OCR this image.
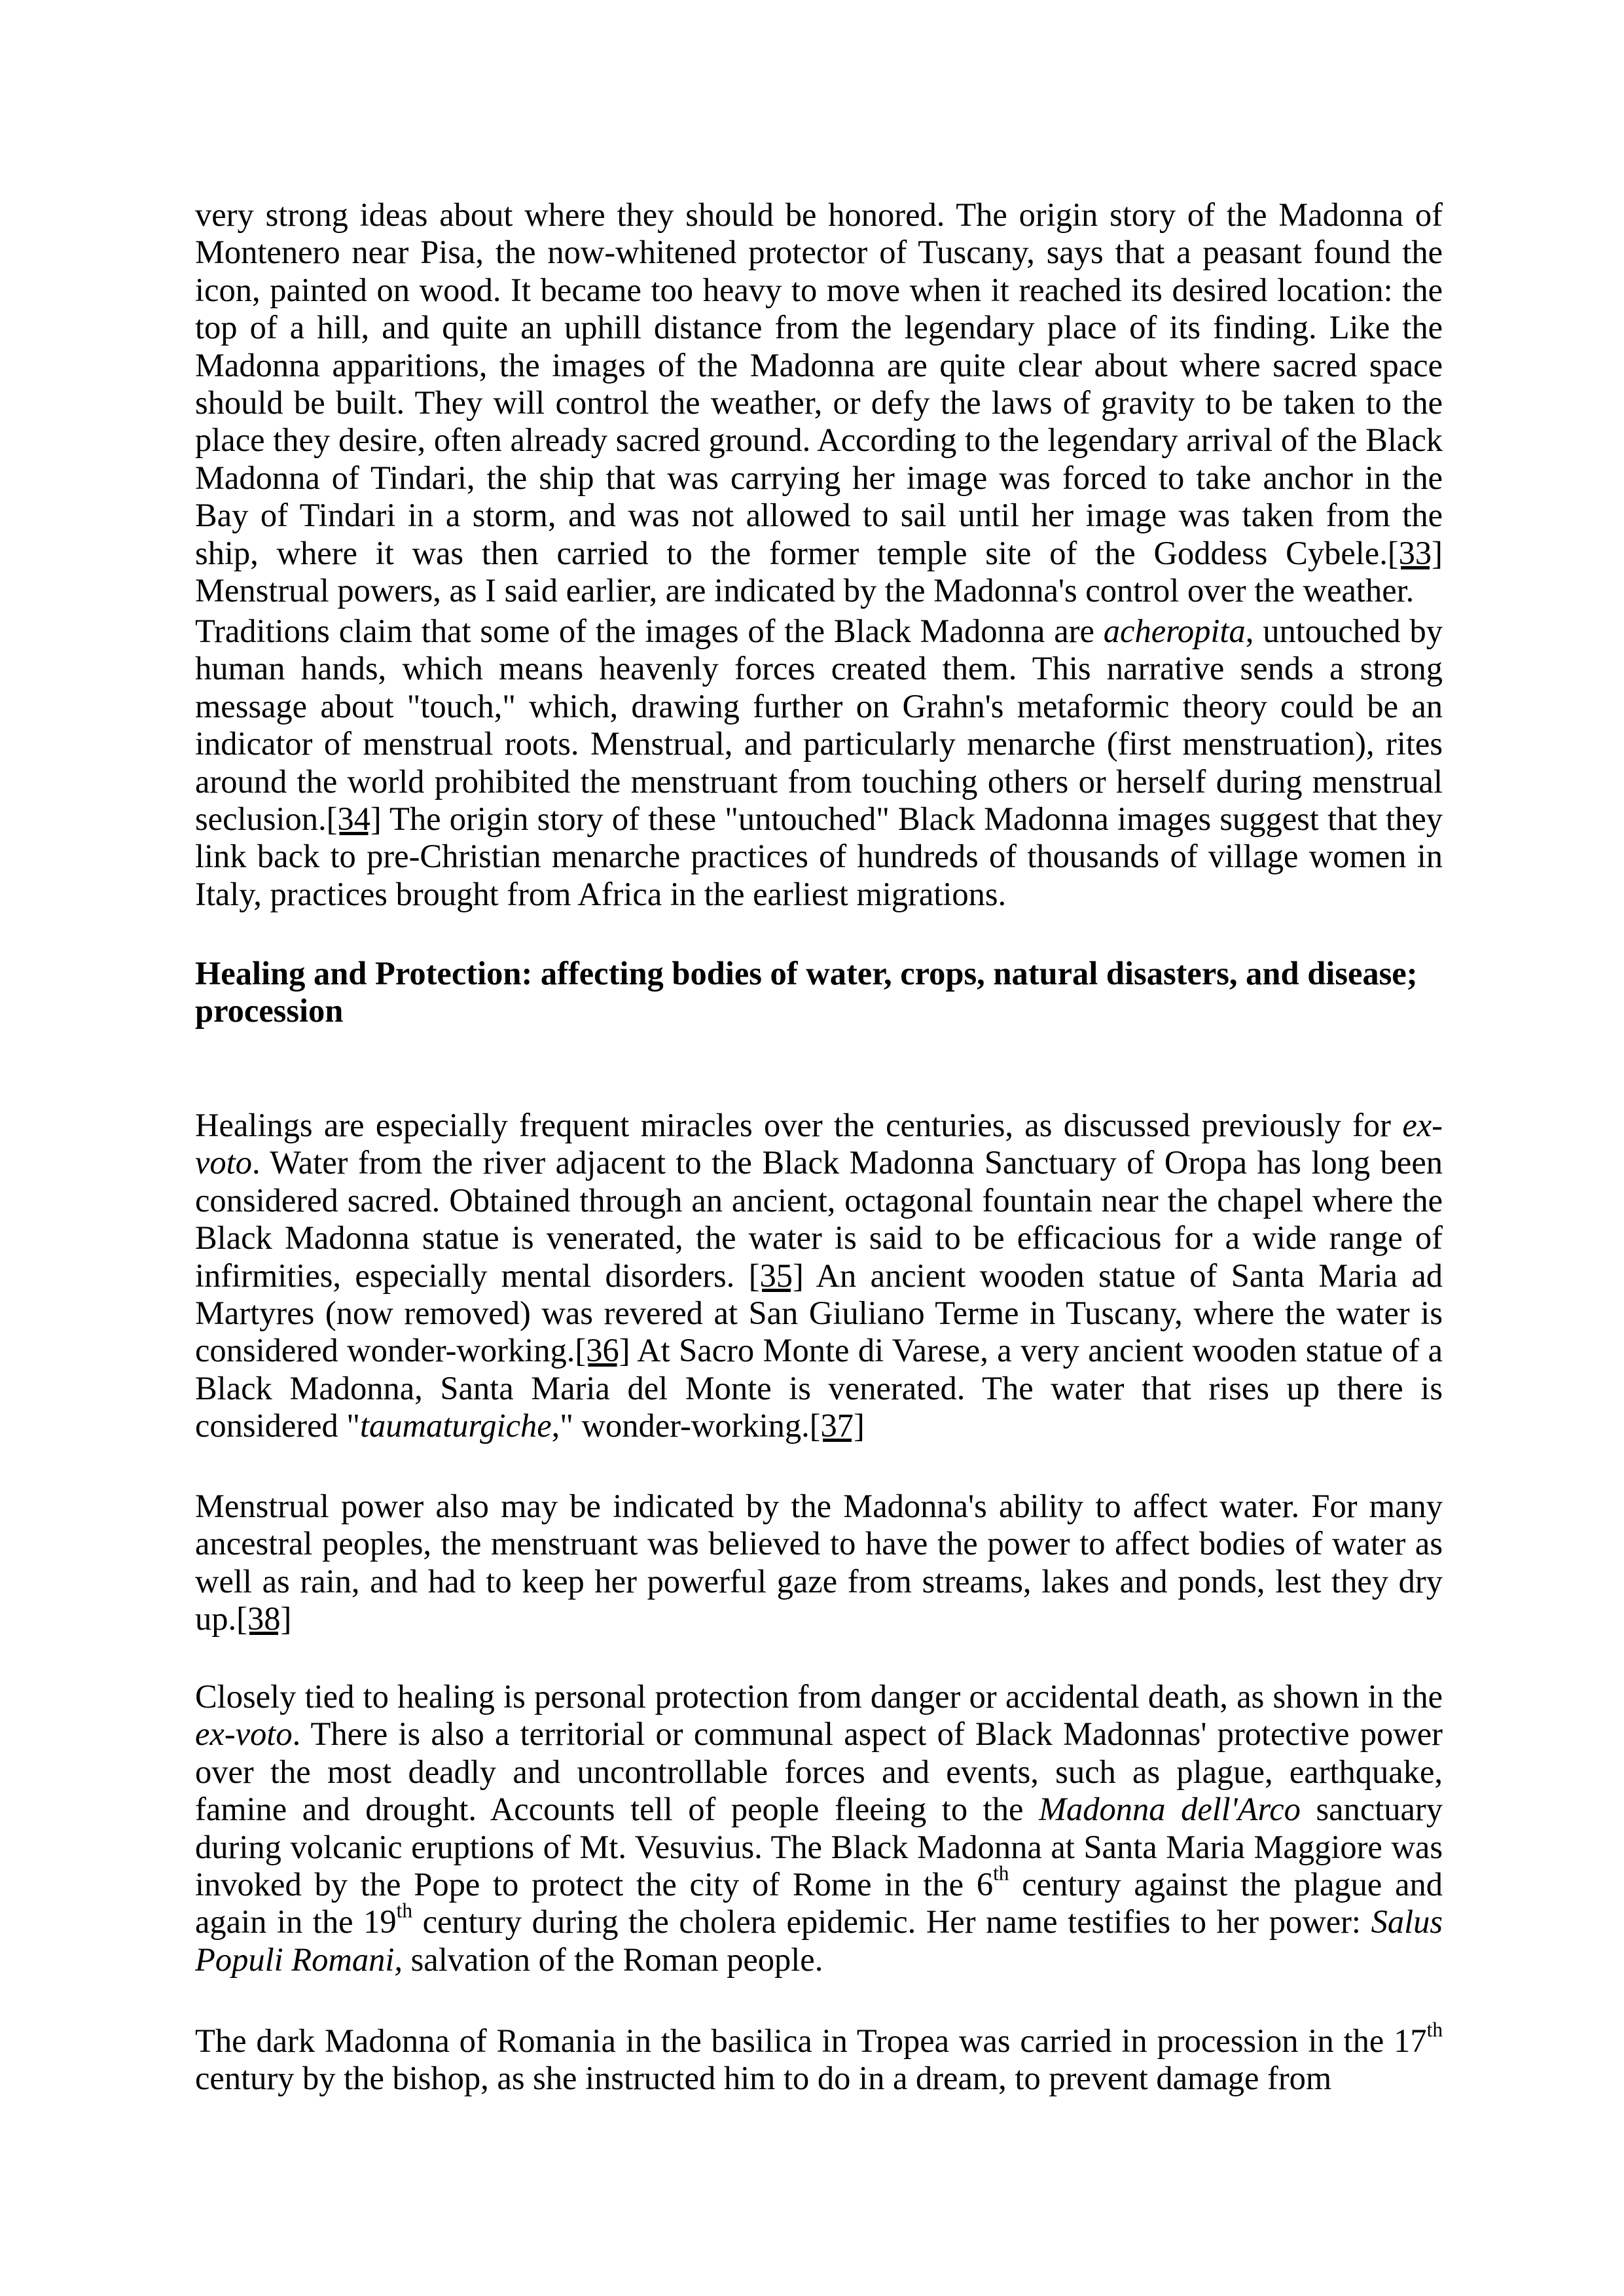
very strong ideas about where they should be honored. The origin story of the Madonna of Montenero near Pisa, the now-whitened protector of Tuscany, says that a peasant found the icon, painted on wood. It became too heavy to move when it reached its desired location: the top of a hill, and quite an uphill distance from the legendary place of its finding. Like the Madonna apparitions, the images of the Madonna are quite clear about where sacred space should be built. They will control the weather, or defy the laws of gravity to be taken to the place they desire, often already sacred ground. According to the legendary arrival of the Black Madonna of Tindari, the ship that was carrying her image was forced to take anchor in the Bay of Tindari in a storm, and was not allowed to sail until her image was taken from the ship, where it was then carried to the former temple site of the Goddess Cybele.[33] Menstrual powers, as I said earlier, are indicated by the Madonna's control over the weather.

Traditions claim that some of the images of the Black Madonna are acheropita, untouched by human hands, which means heavenly forces created them. This narrative sends a strong message about "touch," which, drawing further on Grahn's metaformic theory could be an indicator of menstrual roots. Menstrual, and particularly menarche (first menstruation), rites around the world prohibited the menstruant from touching others or herself during menstrual seclusion.[34] The origin story of these "untouched" Black Madonna images suggest that they link back to pre-Christian menarche practices of hundreds of thousands of village women in Italy, practices brought from Africa in the earliest migrations.

Healing and Protection: affecting bodies of water, crops, natural disasters, and disease; procession

Healings are especially frequent miracles over the centuries, as discussed previously for ex-voto. Water from the river adjacent to the Black Madonna Sanctuary of Oropa has long been considered sacred. Obtained through an ancient, octagonal fountain near the chapel where the Black Madonna statue is venerated, the water is said to be efficacious for a wide range of infirmities, especially mental disorders. [35] An ancient wooden statue of Santa Maria ad Martyres (now removed) was revered at San Giuliano Terme in Tuscany, where the water is considered wonder-working.[36] At Sacro Monte di Varese, a very ancient wooden statue of a Black Madonna, Santa Maria del Monte is venerated. The water that rises up there is considered "taumaturgiche," wonder-working.[37]

Menstrual power also may be indicated by the Madonna's ability to affect water. For many ancestral peoples, the menstruant was believed to have the power to affect bodies of water as well as rain, and had to keep her powerful gaze from streams, lakes and ponds, lest they dry up.[38]

Closely tied to healing is personal protection from danger or accidental death, as shown in the ex-voto. There is also a territorial or communal aspect of Black Madonnas' protective power over the most deadly and uncontrollable forces and events, such as plague, earthquake, famine and drought. Accounts tell of people fleeing to the Madonna dell'Arco sanctuary during volcanic eruptions of Mt. Vesuvius. The Black Madonna at Santa Maria Maggiore was invoked by the Pope to protect the city of Rome in the 6th century against the plague and again in the 19th century during the cholera epidemic. Her name testifies to her power: Salus Populi Romani, salvation of the Roman people.

The dark Madonna of Romania in the basilica in Tropea was carried in procession in the 17th century by the bishop, as she instructed him to do in a dream, to prevent damage from
